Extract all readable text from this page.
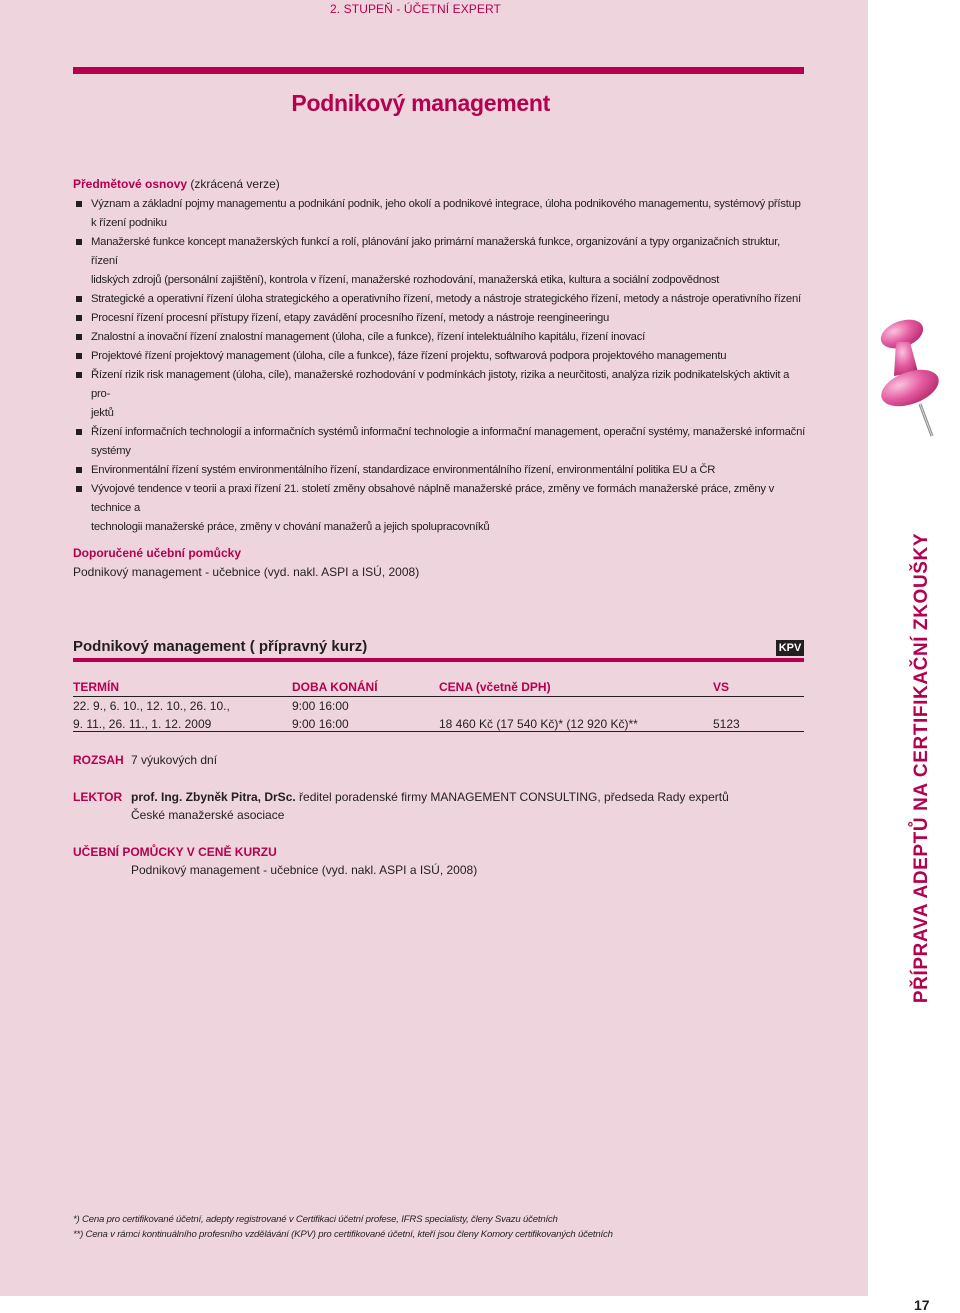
2. STUPEŇ - ÚČETNÍ EXPERT
Podnikový management
Předmětové osnovy (zkrácená verze)
Význam a základní pojmy managementu a podnikání podnik, jeho okolí a podnikové integrace, úloha podnikového managementu, systémový přístup
k řízení podniku
Manažerské funkce koncept manažerských funkcí a rolí, plánování jako primární manažerská funkce, organizování a typy organizačních struktur, řízení
lidských zdrojů (personální zajištění), kontrola v řízení, manažerské rozhodování, manažerská etika, kultura a sociální zodpovědnost
Strategické a operativní řízení úloha strategického a operativního řízení, metody a nástroje strategického řízení, metody a nástroje operativního řízení
Procesní řízení procesní přístupy řízení, etapy zavádění procesního řízení, metody a nástroje reengineeringu
Znalostní a inovační řízení znalostní management (úloha, cíle a funkce), řízení intelektuálního kapitálu, řízení inovací
Projektové řízení projektový management (úloha, cíle a funkce), fáze řízení projektu, softwarová podpora projektového managementu
Řízení rizik risk management (úloha, cíle), manažerské rozhodování v podmínkách jistoty, rizika a neurčitosti, analýza rizik podnikatelských aktivit a pro-
jektů
Řízení informačních technologií a informačních systémů informační technologie a informační management, operační systémy, manažerské informační
systémy
Environmentální řízení systém environmentálního řízení, standardizace environmentálního řízení, environmentální politika EU a ČR
Vývojové tendence v teorii a praxi řízení 21. století změny obsahové náplně manažerské práce, změny ve formách manažerské práce, změny v technice a
technologii manažerské práce, změny v chování manažerů a jejich spolupracovníků
Doporučené učební pomůcky
Podnikový management - učebnice (vyd. nakl. ASPI a ISÚ, 2008)
Podnikový management ( přípravný kurz)	KPV
TERMÍN	DOBA KONÁNÍ	CENA (včetně DPH)	VS
22. 9., 6. 10., 12. 10., 26. 10.,	9:00 16:00
9. 11., 26. 11., 1. 12. 2009	9:00 16:00	18 460 Kč (17 540 Kč)* (12 920 Kč)**	5123
ROZSAH 7 výukových dní
LEKTOR prof. Ing. Zbyněk Pitra, DrSc. ředitel poradenské firmy MANAGEMENT CONSULTING, předseda Rady expertů
České manažerské asociace
UČEBNÍ POMŮCKY V CENĚ KURZU
Podnikový management - učebnice (vyd. nakl. ASPI a ISÚ, 2008)	PŘÍPRAVA ADEPTŮ NA CERTIFIKAČNÍ ZKOUŠKY
*) Cena pro certifikované účetní, adepty registrované v Certifikaci účetní profese, IFRS specialisty, členy Svazu účetních
**) Cena v rámci kontinuálního profesního vzdělávání (KPV) pro certifikované účetní, kteří jsou členy Komory certifikovaných účetních
17
